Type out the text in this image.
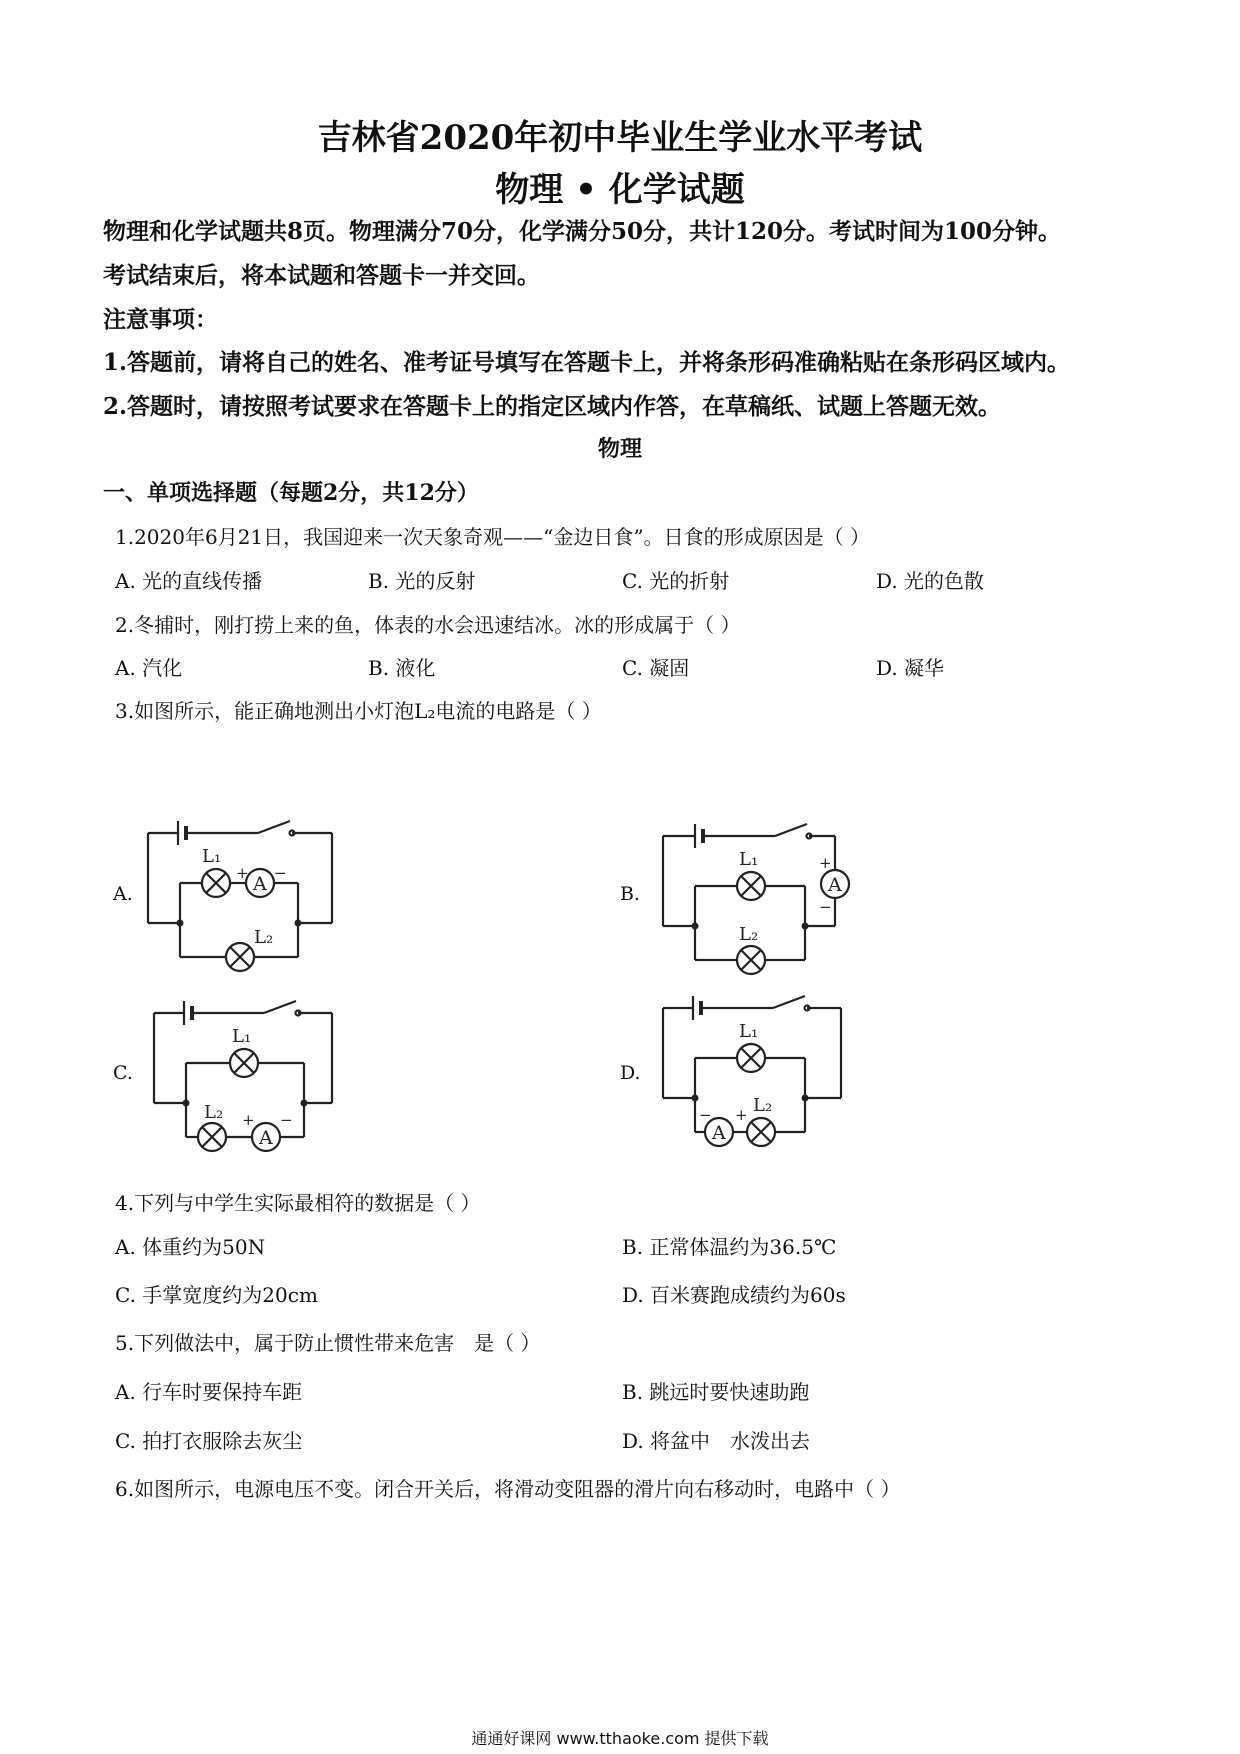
吉林省2020年初中毕业生学业水平考试
物理 • 化学试题
物理和化学试题共8页。物理满分70分，化学满分50分，共计120分。考试时间为100分钟。
考试结束后，将本试题和答题卡一并交回。
注意事项：
1.答题前，请将自己的姓名、准考证号填写在答题卡上，并将条形码准确粘贴在条形码区域内。
2.答题时，请按照考试要求在答题卡上的指定区域内作答，在草稿纸、试题上答题无效。
物理
一、单项选择题（每题2分，共12分）
1.2020年6月21日，我国迎来一次天象奇观——“金边日食”。日食的形成原因是（ ）
A. 光的直线传播	B. 光的反射	C. 光的折射	D. 光的色散
2.冬捕时，刚打捞上来的鱼，体表的水会迅速结冰。冰的形成属于（ ）
A. 汽化	B. 液化	C. 凝固	D. 凝华
3.如图所示，能正确地测出小灯泡L₂电流的电路是（ ）
A.	B.
C.	D.
A
L₁
+ −
L₂
A
L₁
L₂
+
−
A
L₁
L₂ + −
A
L₁
L₂
− +
4.下列与中学生实际最相符的数据是（ ）
A. 体重约为50N	B. 正常体温约为36.5℃
C. 手掌宽度约为20cm	D. 百米赛跑成绩约为60s
5.下列做法中，属于防止惯性带来危害　是（ ）
A. 行车时要保持车距	B. 跳远时要快速助跑
C. 拍打衣服除去灰尘	D. 将盆中　水泼出去
6.如图所示，电源电压不变。闭合开关后，将滑动变阻器的滑片向右移动时，电路中（ ）
通通好课网 www.tthaoke.com 提供下载
